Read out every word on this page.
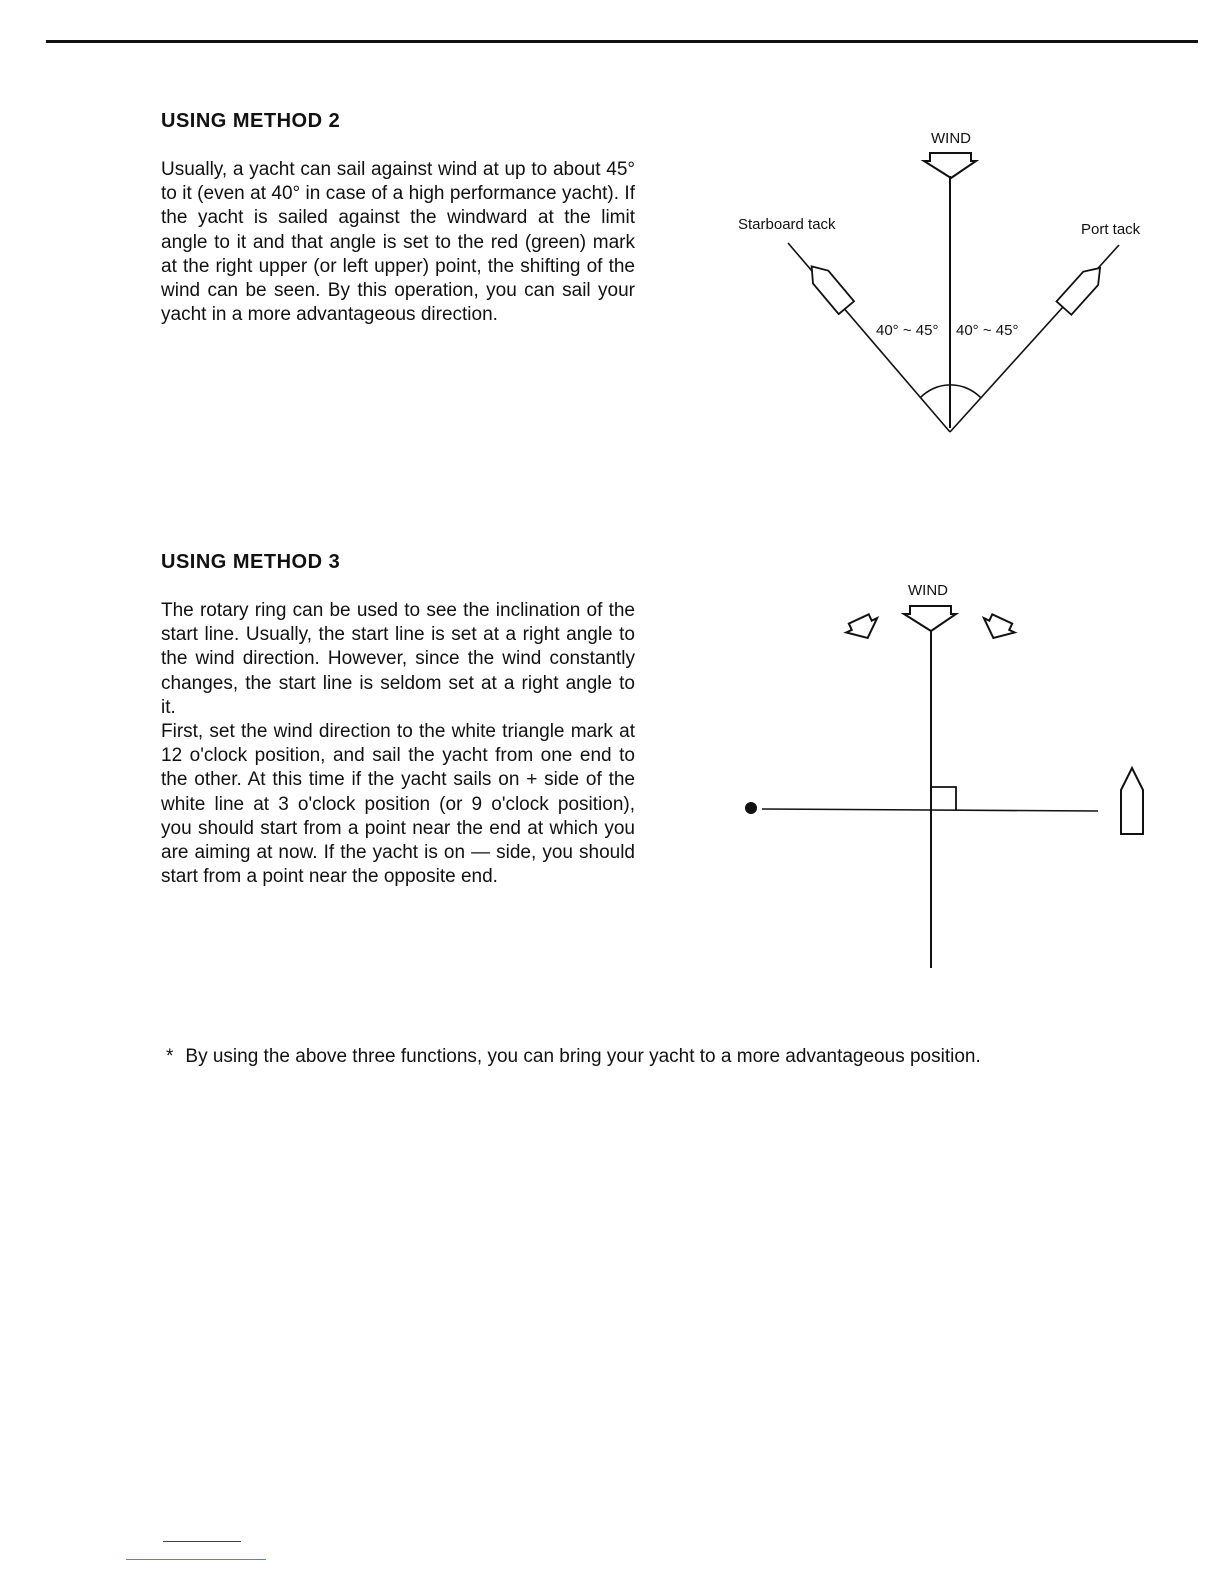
USING METHOD 2

Usually, a yacht can sail against wind at up to about 45° to it (even at 40° in case of a high performance yacht). If the yacht is sailed against the windward at the limit angle to it and that angle is set to the red (green) mark at the right upper (or left upper) point, the shifting of the wind can be seen. By this operation, you can sail your yacht in a more advantageous direction.

WIND
Starboard tack	Port tack
40° ~ 45° 40° ~ 45°
WIND
USING METHOD 3

The rotary ring can be used to see the inclination of the start line. Usually, the start line is set at a right angle to the wind direction. However, since the wind constantly changes, the start line is seldom set at a right angle to it.

First, set the wind direction to the white triangle mark at 12 o'clock position, and sail the yacht from one end to the other. At this time if the yacht sails on + side of the white line at 3 o'clock position (or 9 o'clock position), you should start from a point near the end at which you are aiming at now. If the yacht is on — side, you should start from a point near the opposite end.

* By using the above three functions, you can bring your yacht to a more advantageous position.
